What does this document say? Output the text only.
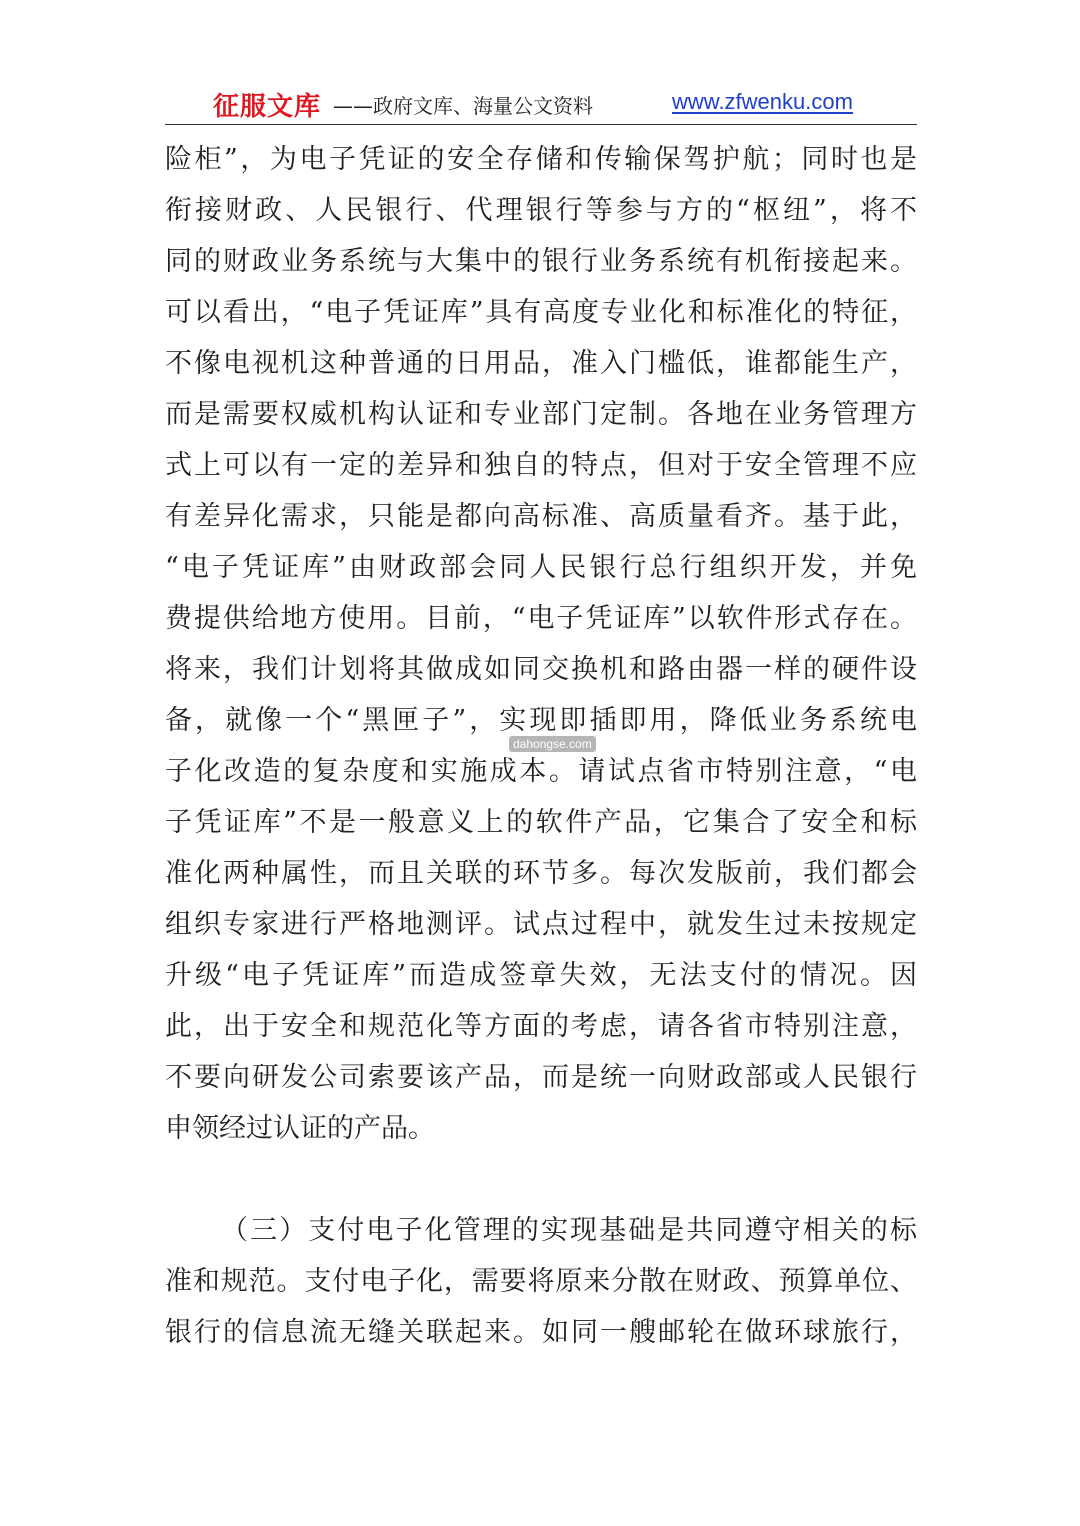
征服文库 ——政府文库、海量公文资料	www.zfwenku.com
险柜”，为电子凭证的安全存储和传输保驾护航；同时也是
衔接财政、人民银行、代理银行等参与方的“枢纽”，将不
同的财政业务系统与大集中的银行业务系统有机衔接起来。
可以看出，“电子凭证库”具有高度专业化和标准化的特征，
不像电视机这种普通的日用品，准入门槛低，谁都能生产，
而是需要权威机构认证和专业部门定制。各地在业务管理方
式上可以有一定的差异和独自的特点，但对于安全管理不应
有差异化需求，只能是都向高标准、高质量看齐。基于此，
“电子凭证库”由财政部会同人民银行总行组织开发，并免
费提供给地方使用。目前，“电子凭证库”以软件形式存在。
将来，我们计划将其做成如同交换机和路由器一样的硬件设
备，就像一个“黑匣子”，实现即插即用，降低业务系统电
子化改造的复杂度和实施成本。请试点省市特别注意，“电
子凭证库”不是一般意义上的软件产品，它集合了安全和标
准化两种属性，而且关联的环节多。每次发版前，我们都会
组织专家进行严格地测评。试点过程中，就发生过未按规定
升级“电子凭证库”而造成签章失效，无法支付的情况。因
此，出于安全和规范化等方面的考虑，请各省市特别注意，
不要向研发公司索要该产品，而是统一向财政部或人民银行
申领经过认证的产品。
（三）支付电子化管理的实现基础是共同遵守相关的标
准和规范。支付电子化，需要将原来分散在财政、预算单位、
银行的信息流无缝关联起来。如同一艘邮轮在做环球旅行，
dahongse.com
